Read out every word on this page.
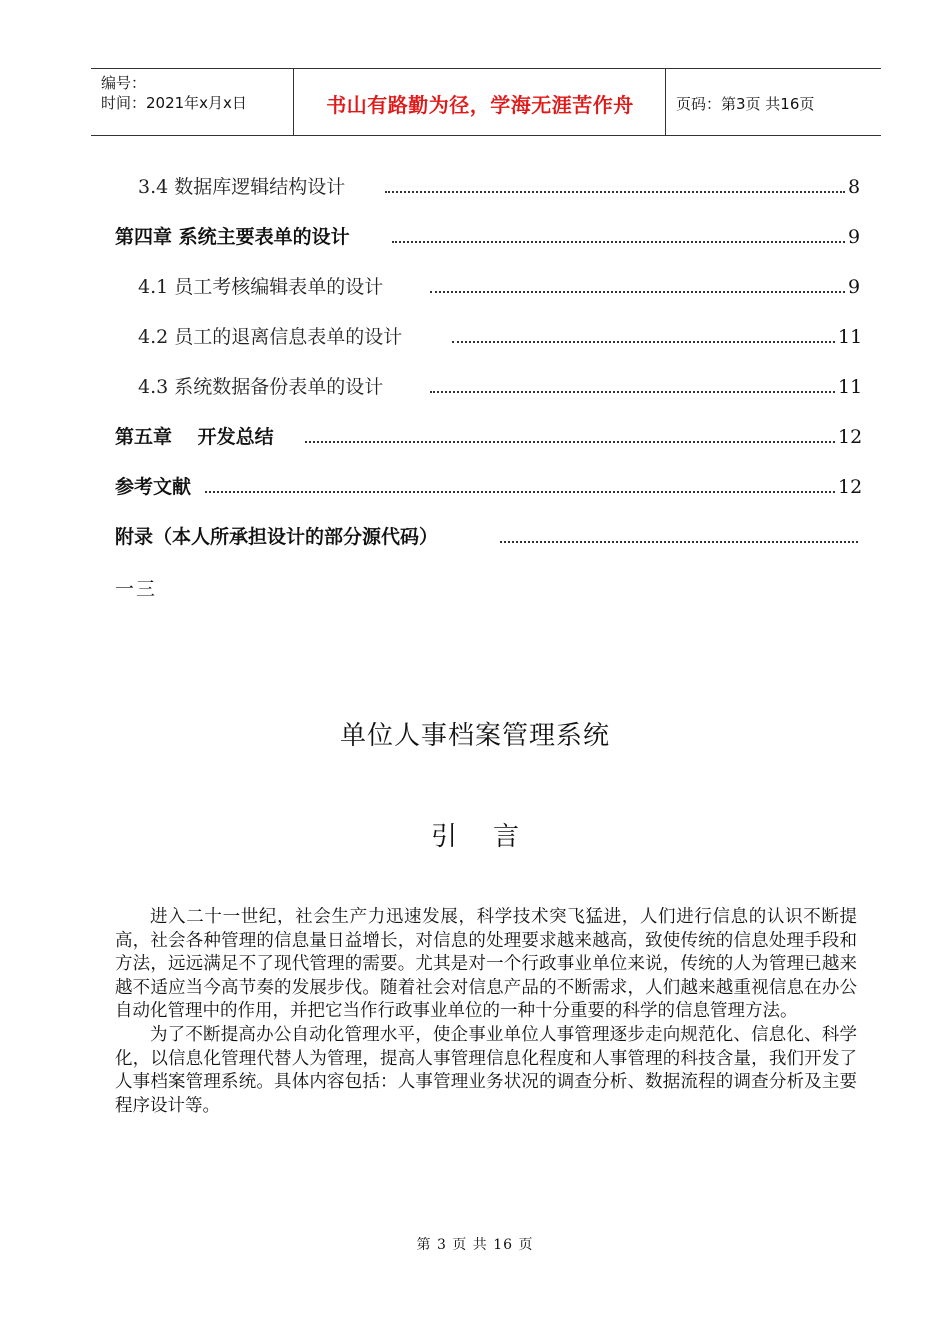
编号：
时间：2021年x月x日	书山有路勤为径，学海无涯苦作舟	页码：第3页 共16页
3.4 数据库逻辑结构设计	8
第四章 系统主要表单的设计	9
4.1 员工考核编辑表单的设计	9
4.2 员工的退离信息表单的设计	11
4.3 系统数据备份表单的设计	11
第五章　 开发总结	12
参考文献	12
附录（本人所承担设计的部分源代码）
一三
单位人事档案管理系统
引言

进入二十一世纪，社会生产力迅速发展，科学技术突飞猛进，人们进行信息的认识不断提高，社会各种管理的信息量日益增长，对信息的处理要求越来越高，致使传统的信息处理手段和方法，远远满足不了现代管理的需要。尤其是对一个行政事业单位来说，传统的人为管理已越来越不适应当今高节奏的发展步伐。随着社会对信息产品的不断需求，人们越来越重视信息在办公自动化管理中的作用，并把它当作行政事业单位的一种十分重要的科学的信息管理方法。

为了不断提高办公自动化管理水平，使企事业单位人事管理逐步走向规范化、信息化、科学化，以信息化管理代替人为管理，提高人事管理信息化程度和人事管理的科技含量，我们开发了人事档案管理系统。具体内容包括：人事管理业务状况的调查分析、数据流程的调查分析及主要程序设计等。

第 3 页 共 16 页
